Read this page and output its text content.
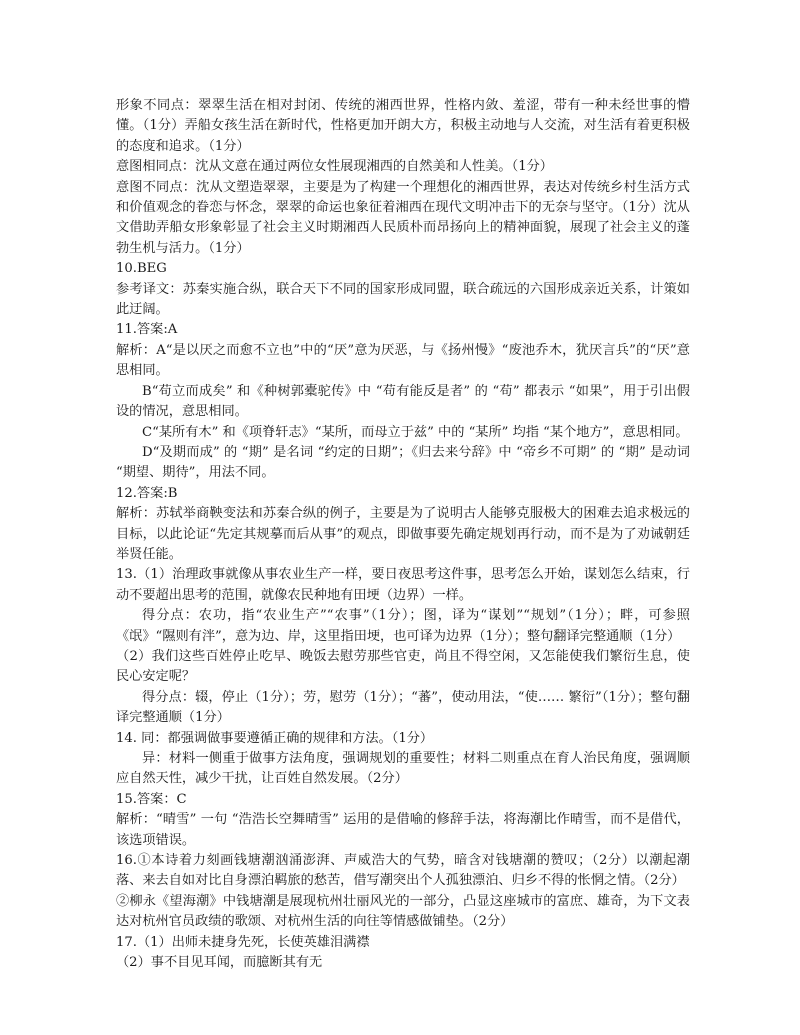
形象不同点：翠翠生活在相对封闭、传统的湘西世界，性格内敛、羞涩，带有一种未经世事的懵懂。（1分）弄船女孩生活在新时代，性格更加开朗大方，积极主动地与人交流，对生活有着更积极的态度和追求。（1分）

意图相同点：沈从文意在通过两位女性展现湘西的自然美和人性美。（1分）

意图不同点：沈从文塑造翠翠，主要是为了构建一个理想化的湘西世界，表达对传统乡村生活方式和价值观念的眷恋与怀念，翠翠的命运也象征着湘西在现代文明冲击下的无奈与坚守。（1分）沈从文借助弄船女形象彰显了社会主义时期湘西人民质朴而昂扬向上的精神面貌，展现了社会主义的蓬勃生机与活力。（1分）

10.BEG

参考译文：苏秦实施合纵，联合天下不同的国家形成同盟，联合疏远的六国形成亲近关系，计策如此迂阔。

11.答案:A

解析：A“是以厌之而愈不立也”中的“厌”意为厌恶，与《扬州慢》“废池乔木，犹厌言兵”的“厌”意思相同。

B“苟立而成矣” 和《种树郭橐驼传》中 “苟有能反是者” 的 “苟” 都表示 “如果”，用于引出假设的情况，意思相同。

C“某所有木” 和《项脊轩志》“某所，而母立于兹” 中的 “某所” 均指 “某个地方”，意思相同。

D“及期而成” 的 “期” 是名词 “约定的日期”；《归去来兮辞》中 “帝乡不可期” 的 “期” 是动词 “期望、期待”，用法不同。

12.答案:B

解析：苏轼举商鞅变法和苏秦合纵的例子，主要是为了说明古人能够克服极大的困难去追求极远的目标，以此论证“先定其规摹而后从事”的观点，即做事要先确定规划再行动，而不是为了劝诫朝廷举贤任能。

13.（1）治理政事就像从事农业生产一样，要日夜思考这件事，思考怎么开始，谋划怎么结束，行动不要超出思考的范围，就像农民种地有田埂（边界）一样。

得分点：农功，指“农业生产”“农事”（1分）；图，译为“谋划”“规划”（1分）；畔，可参照《氓》“隰则有泮”，意为边、岸，这里指田埂，也可译为边界（1分）；整句翻译完整通顺（1分）

（2）我们这些百姓停止吃早、晚饭去慰劳那些官吏，尚且不得空闲，又怎能使我们繁衍生息，使民心安定呢？

得分点：辍，停止（1分）；劳，慰劳（1分）；“蕃”，使动用法，“使…… 繁衍”（1分）；整句翻译完整通顺（1分）

14. 同：都强调做事要遵循正确的规律和方法。（1分）

异：材料一侧重于做事方法角度，强调规划的重要性；材料二则重点在育人治民角度，强调顺应自然天性，减少干扰，让百姓自然发展。（2分）

15.答案：C

解析：“晴雪” 一句 “浩浩长空舞晴雪” 运用的是借喻的修辞手法，将海潮比作晴雪，而不是借代，该选项错误。

16.①本诗着力刻画钱塘潮汹涌澎湃、声威浩大的气势，暗含对钱塘潮的赞叹；（2分）以潮起潮落、来去自如对比自身漂泊羁旅的愁苦，借写潮突出个人孤独漂泊、归乡不得的怅惘之情。（2分）

②柳永《望海潮》中钱塘潮是展现杭州壮丽风光的一部分，凸显这座城市的富庶、雄奇，为下文表达对杭州官员政绩的歌颂、对杭州生活的向往等情感做铺垫。（2分）

17.（1）出师未捷身先死，长使英雄泪满襟

（2）事不目见耳闻，而臆断其有无
